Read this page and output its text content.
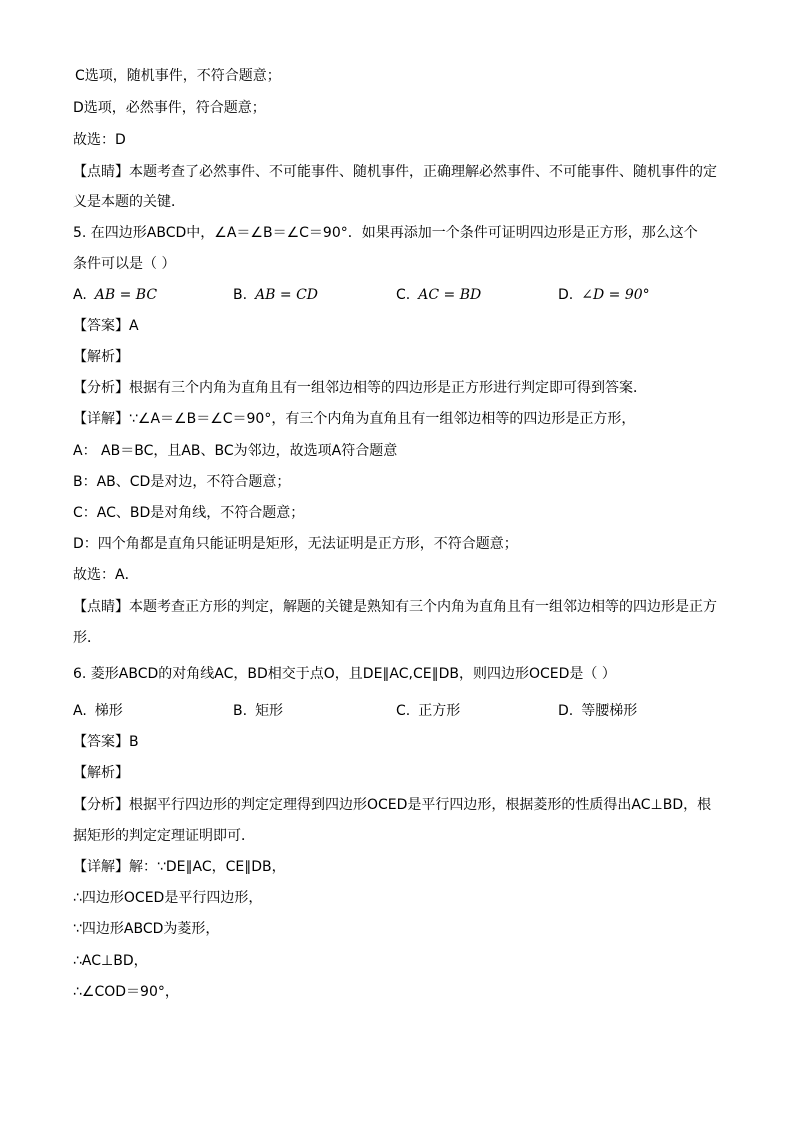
C选项，随机事件，不符合题意；
D选项，必然事件，符合题意；
故选：D
【点睛】本题考查了必然事件、不可能事件、随机事件，正确理解必然事件、不可能事件、随机事件的定
义是本题的关键．
5. 在四边形ABCD中，∠A＝∠B＝∠C＝90°．如果再添加一个条件可证明四边形是正方形，那么这个
条件可以是（ ）
A. AB = BC	B. AB = CD	C. AC = BD	D. ∠D = 90°
【答案】A
【解析】
【分析】根据有三个内角为直角且有一组邻边相等的四边形是正方形进行判定即可得到答案．
【详解】∵∠A＝∠B＝∠C＝90°，有三个内角为直角且有一组邻边相等的四边形是正方形，
A： AB＝BC，且AB、BC为邻边，故选项A符合题意
B：AB、CD是对边，不符合题意；
C：AC、BD是对角线，不符合题意；
D：四个角都是直角只能证明是矩形，无法证明是正方形，不符合题意；
故选：A．
【点睛】本题考查正方形的判定，解题的关键是熟知有三个内角为直角且有一组邻边相等的四边形是正方
形．
6. 菱形ABCD的对角线AC，BD相交于点O，且DE∥AC,CE∥DB，则四边形OCED是（ ）
A. 梯形	B. 矩形	C. 正方形	D. 等腰梯形
【答案】B
【解析】
【分析】根据平行四边形的判定定理得到四边形OCED是平行四边形，根据菱形的性质得出AC⊥BD，根
据矩形的判定定理证明即可．
【详解】解：∵DE∥AC，CE∥DB，
∴四边形OCED是平行四边形，
∵四边形ABCD为菱形，
∴AC⊥BD，
∴∠COD＝90°，
